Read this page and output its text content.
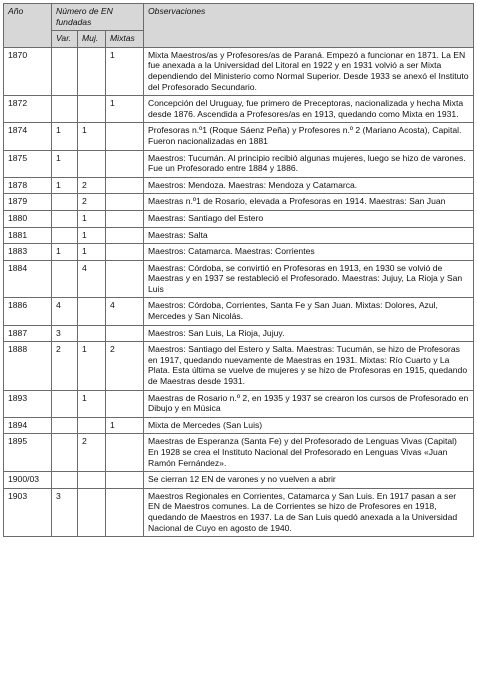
Año	Número de EN fundadas			Observaciones
	Var.	Muj.	Mixtas	
1870			1	Mixta Maestros/as y Profesores/as de Paraná. Empezó a funcionar en 1871. La EN fue anexada a la Universidad del Litoral en 1922 y en 1931 volvió a ser Mixta dependiendo del Ministerio como Normal Superior. Desde 1933 se anexó el Instituto del Profesorado Secundario.
1872			1	Concepción del Uruguay, fue primero de Preceptoras, nacionalizada y hecha Mixta desde 1876. Ascendida a Profesores/as en 1913, quedando como Mixta en 1931.
1874	1	1		Profesoras n.º1 (Roque Sáenz Peña) y Profesores n.º 2 (Mariano Acosta), Capital. Fueron nacionalizadas en 1881
1875	1			Maestros: Tucumán. Al principio recibió algunas mujeres, luego se hizo de varones. Fue un Profesorado entre 1884 y 1886.
1878	1	2		Maestros: Mendoza. Maestras: Mendoza y Catamarca.
1879		2		Maestras n.º1 de Rosario, elevada a Profesoras en 1914. Maestras: San Juan
1880		1		Maestras: Santiago del Estero
1881		1		Maestras: Salta
1883	1	1		Maestros: Catamarca. Maestras: Corrientes
1884		4		Maestras: Córdoba, se convirtió en Profesoras en 1913, en 1930 se volvió de Maestras y en 1937 se restableció el Profesorado. Maestras: Jujuy, La Rioja y San Luis
1886	4		4	Maestros: Córdoba, Corrientes, Santa Fe y San Juan. Mixtas: Dolores, Azul, Mercedes y San Nicolás.
1887	3			Maestros: San Luis, La Rioja, Jujuy.
1888	2	1	2	Maestros: Santiago del Estero y Salta. Maestras: Tucumán, se hizo de Profesoras en 1917, quedando nuevamente de Maestras en 1931. Mixtas: Río Cuarto y La Plata. Esta última se vuelve de mujeres y se hizo de Profesoras en 1915, quedando de Maestras desde 1931.
1893		1		Maestras de Rosario n.º 2, en 1935 y 1937 se crearon los cursos de Profesorado en Dibujo y en Música
1894			1	Mixta de Mercedes (San Luis)
1895		2		Maestras de Esperanza (Santa Fe) y del Profesorado de Lenguas Vivas (Capital) En 1928 se crea el Instituto Nacional del Profesorado en Lenguas Vivas «Juan Ramón Fernández».
1900/03				Se cierran 12 EN de varones y no vuelven a abrir
1903	3			Maestros Regionales en Corrientes, Catamarca y San Luis. En 1917 pasan a ser EN de Maestros comunes. La de Corrientes se hizo de Profesores en 1918, quedando de Maestros en 1937. La de San Luis quedó anexada a la Universidad Nacional de Cuyo en agosto de 1940.
